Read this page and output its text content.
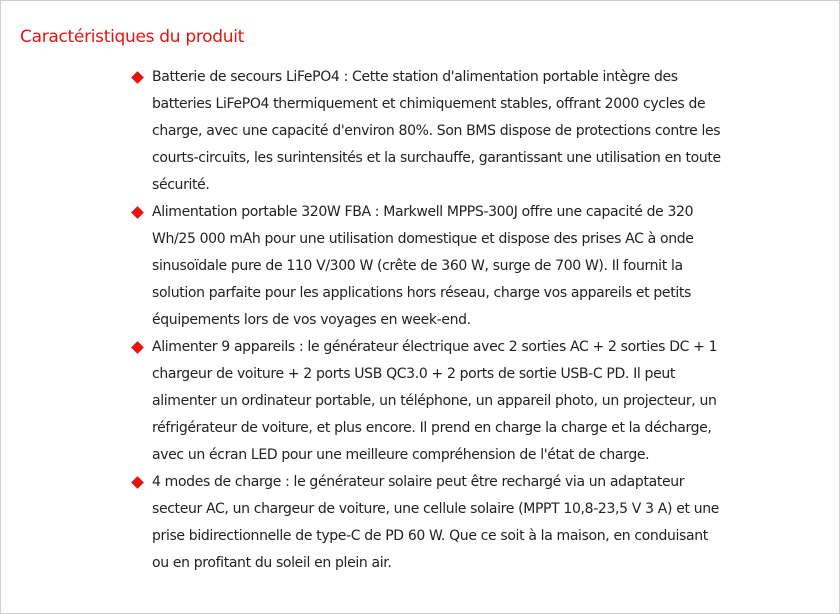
Caractéristiques du produit
Batterie de secours LiFePO4 : Cette station d'alimentation portable intègre des
batteries LiFePO4 thermiquement et chimiquement stables, offrant 2000 cycles de
charge, avec une capacité d'environ 80%. Son BMS dispose de protections contre les
courts-circuits, les surintensités et la surchauffe, garantissant une utilisation en toute
sécurité.
Alimentation portable 320W FBA : Markwell MPPS-300J offre une capacité de 320
Wh/25 000 mAh pour une utilisation domestique et dispose des prises AC à onde
sinusoïdale pure de 110 V/300 W (crête de 360 W, surge de 700 W). Il fournit la
solution parfaite pour les applications hors réseau, charge vos appareils et petits
équipements lors de vos voyages en week-end.
Alimenter 9 appareils : le générateur électrique avec 2 sorties AC + 2 sorties DC + 1
chargeur de voiture + 2 ports USB QC3.0 + 2 ports de sortie USB-C PD. Il peut
alimenter un ordinateur portable, un téléphone, un appareil photo, un projecteur, un
réfrigérateur de voiture, et plus encore. Il prend en charge la charge et la décharge,
avec un écran LED pour une meilleure compréhension de l'état de charge.
4 modes de charge : le générateur solaire peut être rechargé via un adaptateur
secteur AC, un chargeur de voiture, une cellule solaire (MPPT 10,8-23,5 V 3 A) et une
prise bidirectionnelle de type-C de PD 60 W. Que ce soit à la maison, en conduisant
ou en profitant du soleil en plein air.
